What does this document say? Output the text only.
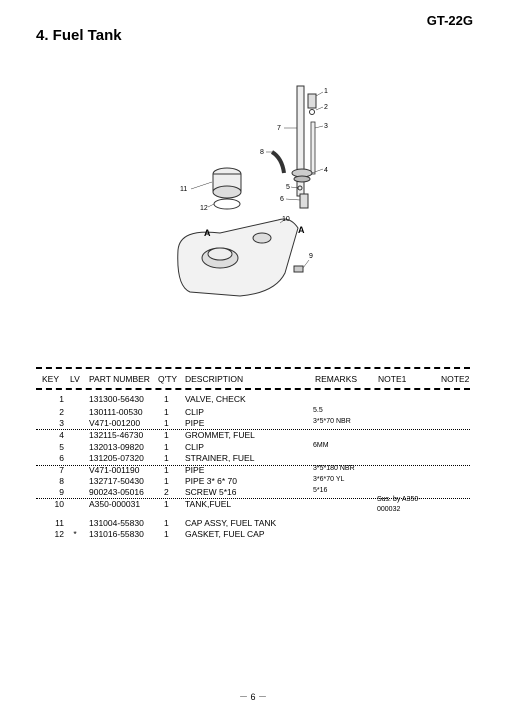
GT-22G
4. Fuel Tank
1
2
3
4
5
6
7
8
9
10
11
12
A	A
KEY LV PART NUMBER Q'TY DESCRIPTION	REMARKS NOTE1	NOTE2
1	131300-56430 1 VALVE, CHECK
2	130111-00530	1 CLIP	5.5
3	V471-001200	1 PIPE	3*5*70 NBR
4	132115-46730 1 GROMMET, FUEL
5	132013-09820 1 CLIP	6MM
6	131205-07320 1 STRAINER, FUEL
7	V471-001190	1 PIPE	3*5*180 NBR
8	132717-50430 1 PIPE 3* 6* 70	3*6*70 YL
9	900243-05016 2 SCREW 5*16	5*16
10	A350-000031	1 TANK,FUEL	Sus. by A350-000032
11	131004-55830 1 CAP ASSY, FUEL TANK
12 * 131016-55830 1 GASKET, FUEL CAP
－ 6 －
